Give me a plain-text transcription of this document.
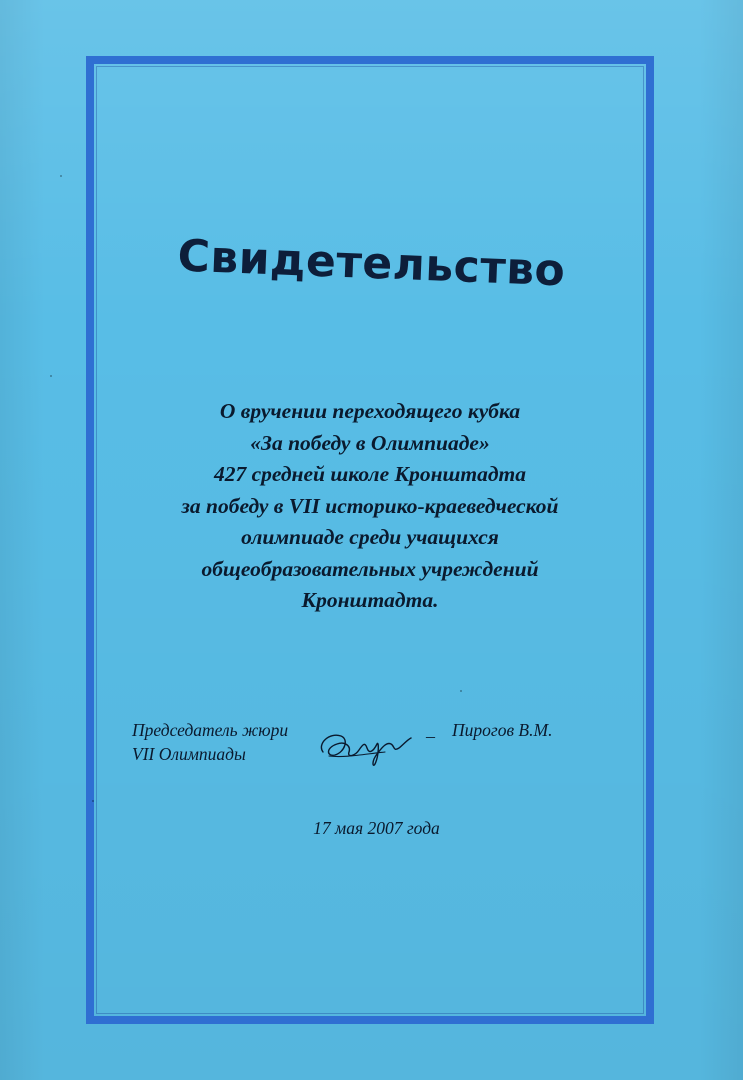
Свидетельство
О вручении переходящего кубка
«За победу в Олимпиаде»
427 средней школе Кронштадта
за победу в VII историко-краеведческой
олимпиаде среди учащихся
общеобразовательных учреждений
Кронштадта.
Председатель жюри
VII Олимпиады
– Пирогов В.М.
17 мая 2007 года
